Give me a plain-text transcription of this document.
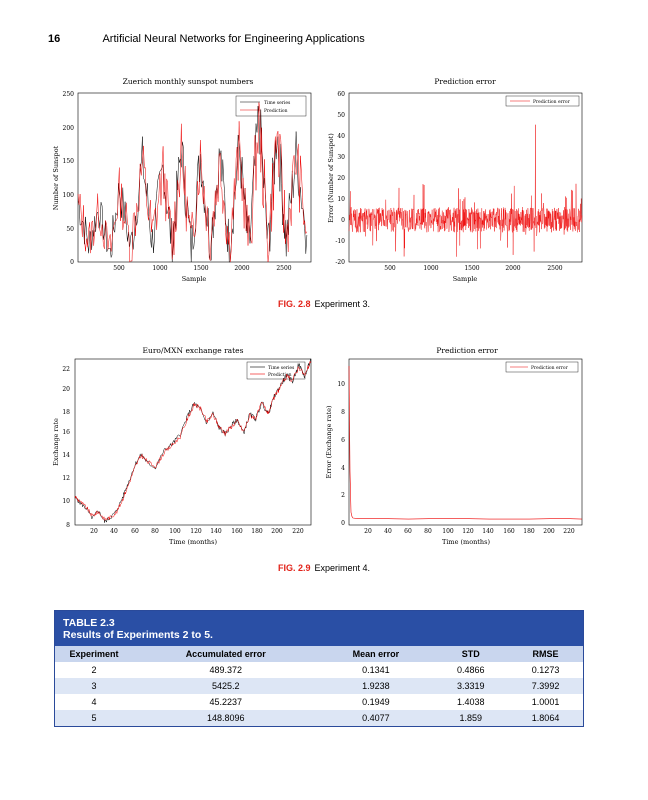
16	Artificial Neural Networks for Engineering Applications
Zuerich monthly sunspot numbers
0
50
100
150
200
250
500	1000	1500	2000	2500
Sample
Number of Sunspot
Time series
Prediction
Prediction error
-20
-10
0
10
20
30
40
50
60
500	1000	1500	2000	2500
Sample
Error (Number of Sunspot)
Prediction error
FIG. 2.8 Experiment 3.
Euro/MXN exchange rates
8
10
12
14
16
18
20
22
20 40 60 80 100 120 140 160 180 200 220
Time (months)
Exchange rate
Time series
Prediction
Prediction error
0
2
4
6
8
10
20 40 60 80 100 120 140 160 180 200 220
Time (months)
Error (Exchange rate)
Prediction error
FIG. 2.9 Experiment 4.
TABLE 2.3
Results of Experiments 2 to 5.
Experiment	Accumulated error	Mean error	STD	RMSE
2	489.372	0.1341	0.4866	0.1273
3	5425.2	1.9238	3.3319	7.3992
4	45.2237	0.1949	1.4038	1.0001
5	148.8096	0.4077	1.859	1.8064
